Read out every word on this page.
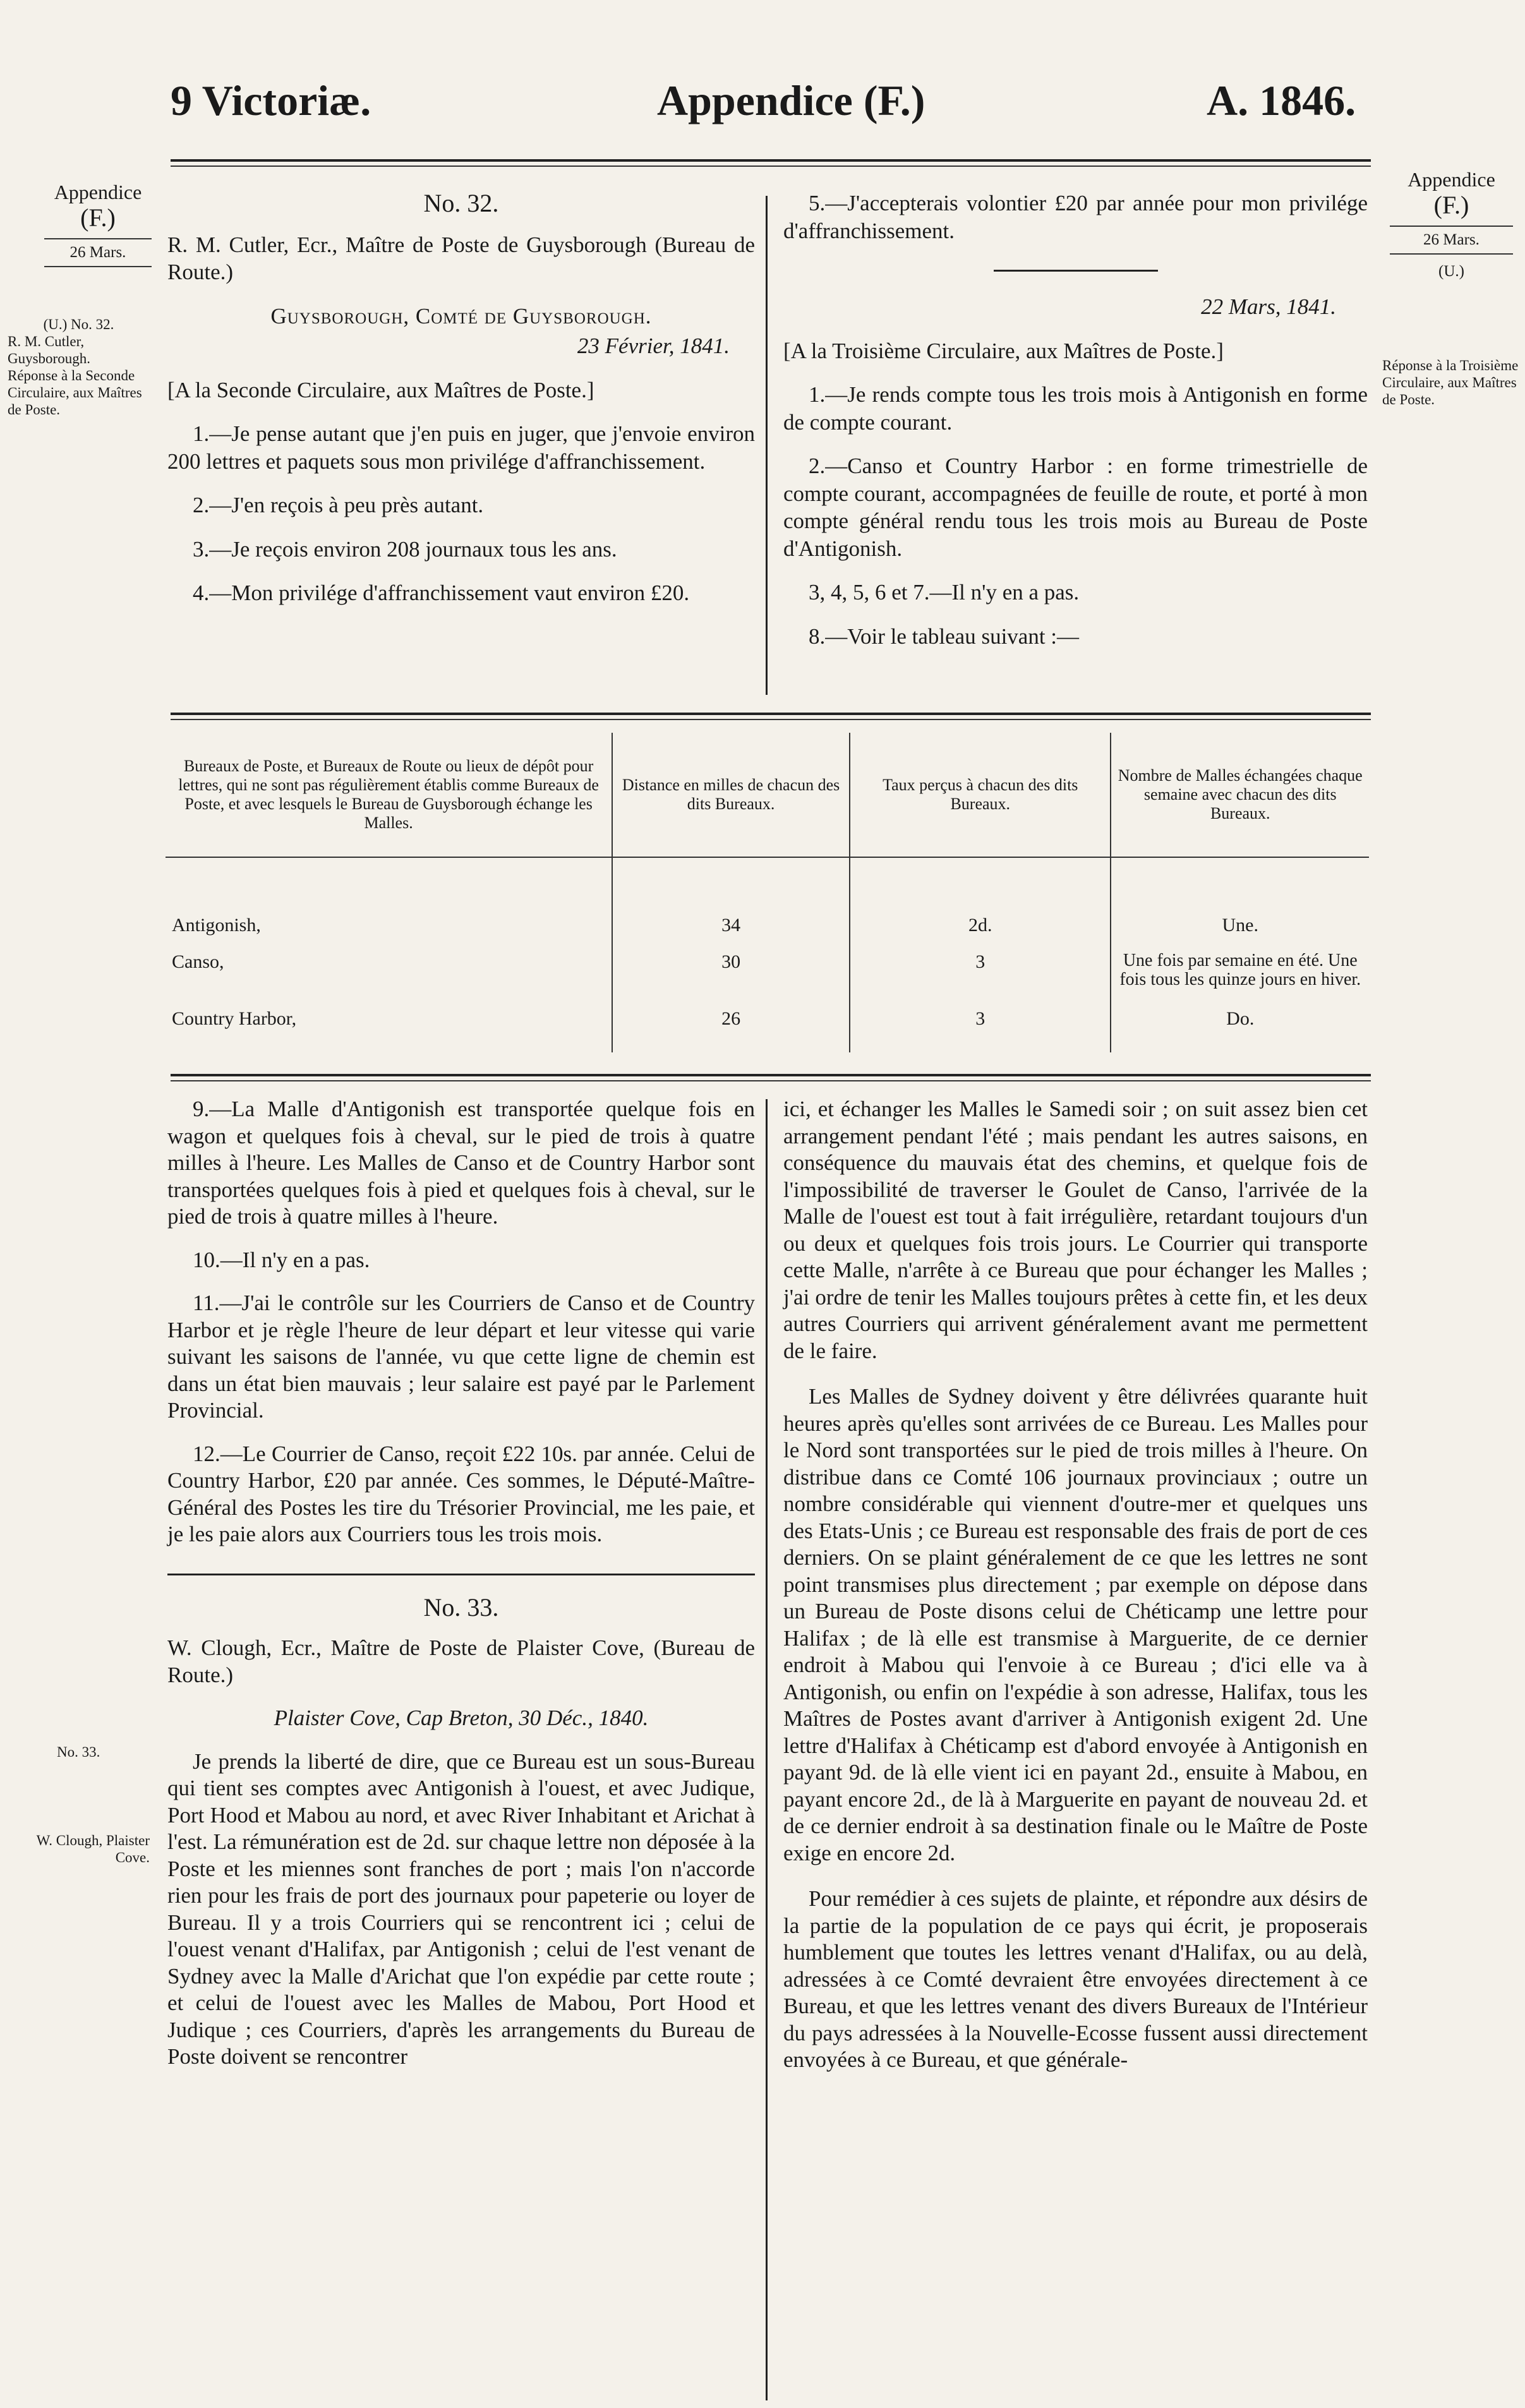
9 Victoriæ.	Appendice (F.)	A. 1846.
Appendice
(F.)
26 Mars.
(U.) No. 32.
R. M. Cutler, Guysborough.
Réponse à la Seconde Circulaire, aux Maîtres de Poste.
No. 33.
W. Clough, Plaister Cove.
Appendice
(F.)
26 Mars.
(U.)
Réponse à la Troisième Circulaire, aux Maîtres de Poste.
No. 32.

R. M. Cutler, Ecr., Maître de Poste de Guysborough (Bureau de Route.)

Guysborough, Comté de Guysborough.

23 Février, 1841.

[A la Seconde Circulaire, aux Maîtres de Poste.]

1.—Je pense autant que j'en puis en juger, que j'envoie environ 200 lettres et paquets sous mon privilége d'affranchissement.

2.—J'en reçois à peu près autant.

3.—Je reçois environ 208 journaux tous les ans.

4.—Mon privilége d'affranchissement vaut environ £20.

5.—J'accepterais volontier £20 par année pour mon privilége d'affranchissement.

22 Mars, 1841.

[A la Troisième Circulaire, aux Maîtres de Poste.]

1.—Je rends compte tous les trois mois à Antigonish en forme de compte courant.

2.—Canso et Country Harbor : en forme trimestrielle de compte courant, accompagnées de feuille de route, et porté à mon compte général rendu tous les trois mois au Bureau de Poste d'Antigonish.

3, 4, 5, 6 et 7.—Il n'y en a pas.

8.—Voir le tableau suivant :—

Bureaux de Poste, et Bureaux de Route ou lieux de dépôt pour lettres, qui ne sont pas régulièrement établis comme Bureaux de Poste, et avec lesquels le Bureau de Guysborough échange les Malles.	Distance en milles de chacun des dits Bureaux.	Taux perçus à chacun des dits Bureaux.	Nombre de Malles échangées chaque semaine avec chacun des dits Bureaux.
Antigonish,	34	2d.	Une.
Canso,	30	3	Une fois par semaine en été. Une fois tous les quinze jours en hiver.
Country Harbor,	26	3	Do.

9.—La Malle d'Antigonish est transportée quelque fois en wagon et quelques fois à cheval, sur le pied de trois à quatre milles à l'heure. Les Malles de Canso et de Country Harbor sont transportées quelques fois à pied et quelques fois à cheval, sur le pied de trois à quatre milles à l'heure.

10.—Il n'y en a pas.

11.—J'ai le contrôle sur les Courriers de Canso et de Country Harbor et je règle l'heure de leur départ et leur vitesse qui varie suivant les saisons de l'année, vu que cette ligne de chemin est dans un état bien mauvais ; leur salaire est payé par le Parlement Provincial.

12.—Le Courrier de Canso, reçoit £22 10s. par année. Celui de Country Harbor, £20 par année. Ces sommes, le Député-Maître-Général des Postes les tire du Trésorier Provincial, me les paie, et je les paie alors aux Courriers tous les trois mois.

No. 33.

W. Clough, Ecr., Maître de Poste de Plaister Cove, (Bureau de Route.)

Plaister Cove, Cap Breton, 30 Déc., 1840.

Je prends la liberté de dire, que ce Bureau est un sous-Bureau qui tient ses comptes avec Antigonish à l'ouest, et avec Judique, Port Hood et Mabou au nord, et avec River Inhabitant et Arichat à l'est. La rémunération est de 2d. sur chaque lettre non déposée à la Poste et les miennes sont franches de port ; mais l'on n'accorde rien pour les frais de port des journaux pour papeterie ou loyer de Bureau. Il y a trois Courriers qui se rencontrent ici ; celui de l'ouest venant d'Halifax, par Antigonish ; celui de l'est venant de Sydney avec la Malle d'Arichat que l'on expédie par cette route ; et celui de l'ouest avec les Malles de Mabou, Port Hood et Judique ; ces Courriers, d'après les arrangements du Bureau de Poste doivent se rencontrer

ici, et échanger les Malles le Samedi soir ; on suit assez bien cet arrangement pendant l'été ; mais pendant les autres saisons, en conséquence du mauvais état des chemins, et quelque fois de l'impossibilité de traverser le Goulet de Canso, l'arrivée de la Malle de l'ouest est tout à fait irrégulière, retardant toujours d'un ou deux et quelques fois trois jours. Le Courrier qui transporte cette Malle, n'arrête à ce Bureau que pour échanger les Malles ; j'ai ordre de tenir les Malles toujours prêtes à cette fin, et les deux autres Courriers qui arrivent généralement avant me permettent de le faire.

Les Malles de Sydney doivent y être délivrées quarante huit heures après qu'elles sont arrivées de ce Bureau. Les Malles pour le Nord sont transportées sur le pied de trois milles à l'heure. On distribue dans ce Comté 106 journaux provinciaux ; outre un nombre considérable qui viennent d'outre-mer et quelques uns des Etats-Unis ; ce Bureau est responsable des frais de port de ces derniers. On se plaint généralement de ce que les lettres ne sont point transmises plus directement ; par exemple on dépose dans un Bureau de Poste disons celui de Chéticamp une lettre pour Halifax ; de là elle est transmise à Marguerite, de ce dernier endroit à Mabou qui l'envoie à ce Bureau ; d'ici elle va à Antigonish, ou enfin on l'expédie à son adresse, Halifax, tous les Maîtres de Postes avant d'arriver à Antigonish exigent 2d. Une lettre d'Halifax à Chéticamp est d'abord envoyée à Antigonish en payant 9d. de là elle vient ici en payant 2d., ensuite à Mabou, en payant encore 2d., de là à Marguerite en payant de nouveau 2d. et de ce dernier endroit à sa destination finale ou le Maître de Poste exige en encore 2d.

Pour remédier à ces sujets de plainte, et répondre aux désirs de la partie de la population de ce pays qui écrit, je proposerais humblement que toutes les lettres venant d'Halifax, ou au delà, adressées à ce Comté devraient être envoyées directement à ce Bureau, et que les lettres venant des divers Bureaux de l'Intérieur du pays adressées à la Nouvelle-Ecosse fussent aussi directement envoyées à ce Bureau, et que générale-
